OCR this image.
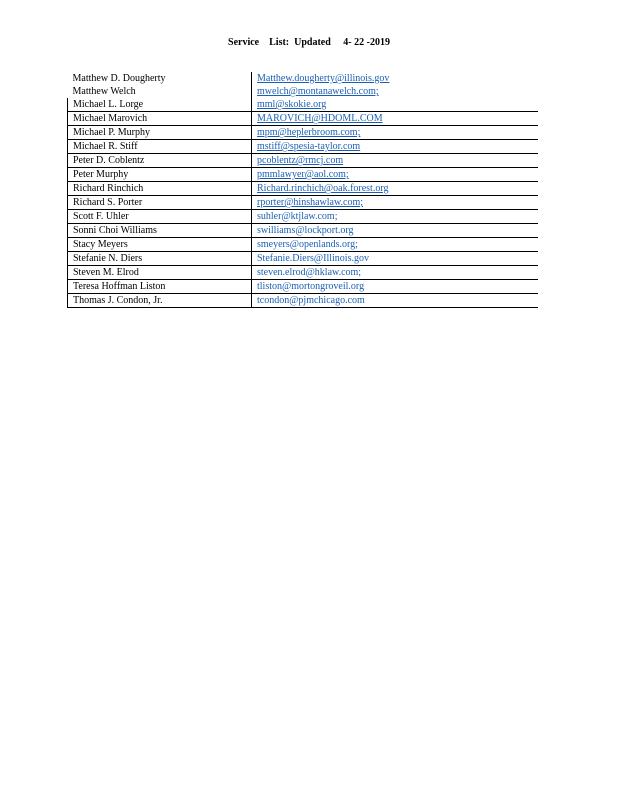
Service    List:  Updated     4- 22 -2019
Matthew D. Dougherty	Matthew.dougherty@illinois.gov
Matthew Welch	mwelch@montanawelch.com;
Michael L. Lorge	mml@skokie.org
Michael Marovich	MAROVICH@HDOML.COM
Michael P. Murphy	mpm@heplerbroom.com;
Michael R. Stiff	mstiff@spesia-taylor.com
Peter D. Coblentz	pcoblentz@rmcj.com
Peter Murphy	pmmlawyer@aol.com;
Richard Rinchich	Richard.rinchich@oak.forest.org
Richard S. Porter	rporter@hinshawlaw.com;
Scott F. Uhler	suhler@ktjlaw.com;
Sonni Choi Williams	swilliams@lockport.org
Stacy Meyers	smeyers@openlands.org;
Stefanie N. Diers	Stefanie.Diers@Illinois.gov
Steven M. Elrod	steven.elrod@hklaw.com;
Teresa Hoffman Liston	tliston@mortongroveil.org
Thomas J. Condon, Jr.	tcondon@pjmchicago.com
